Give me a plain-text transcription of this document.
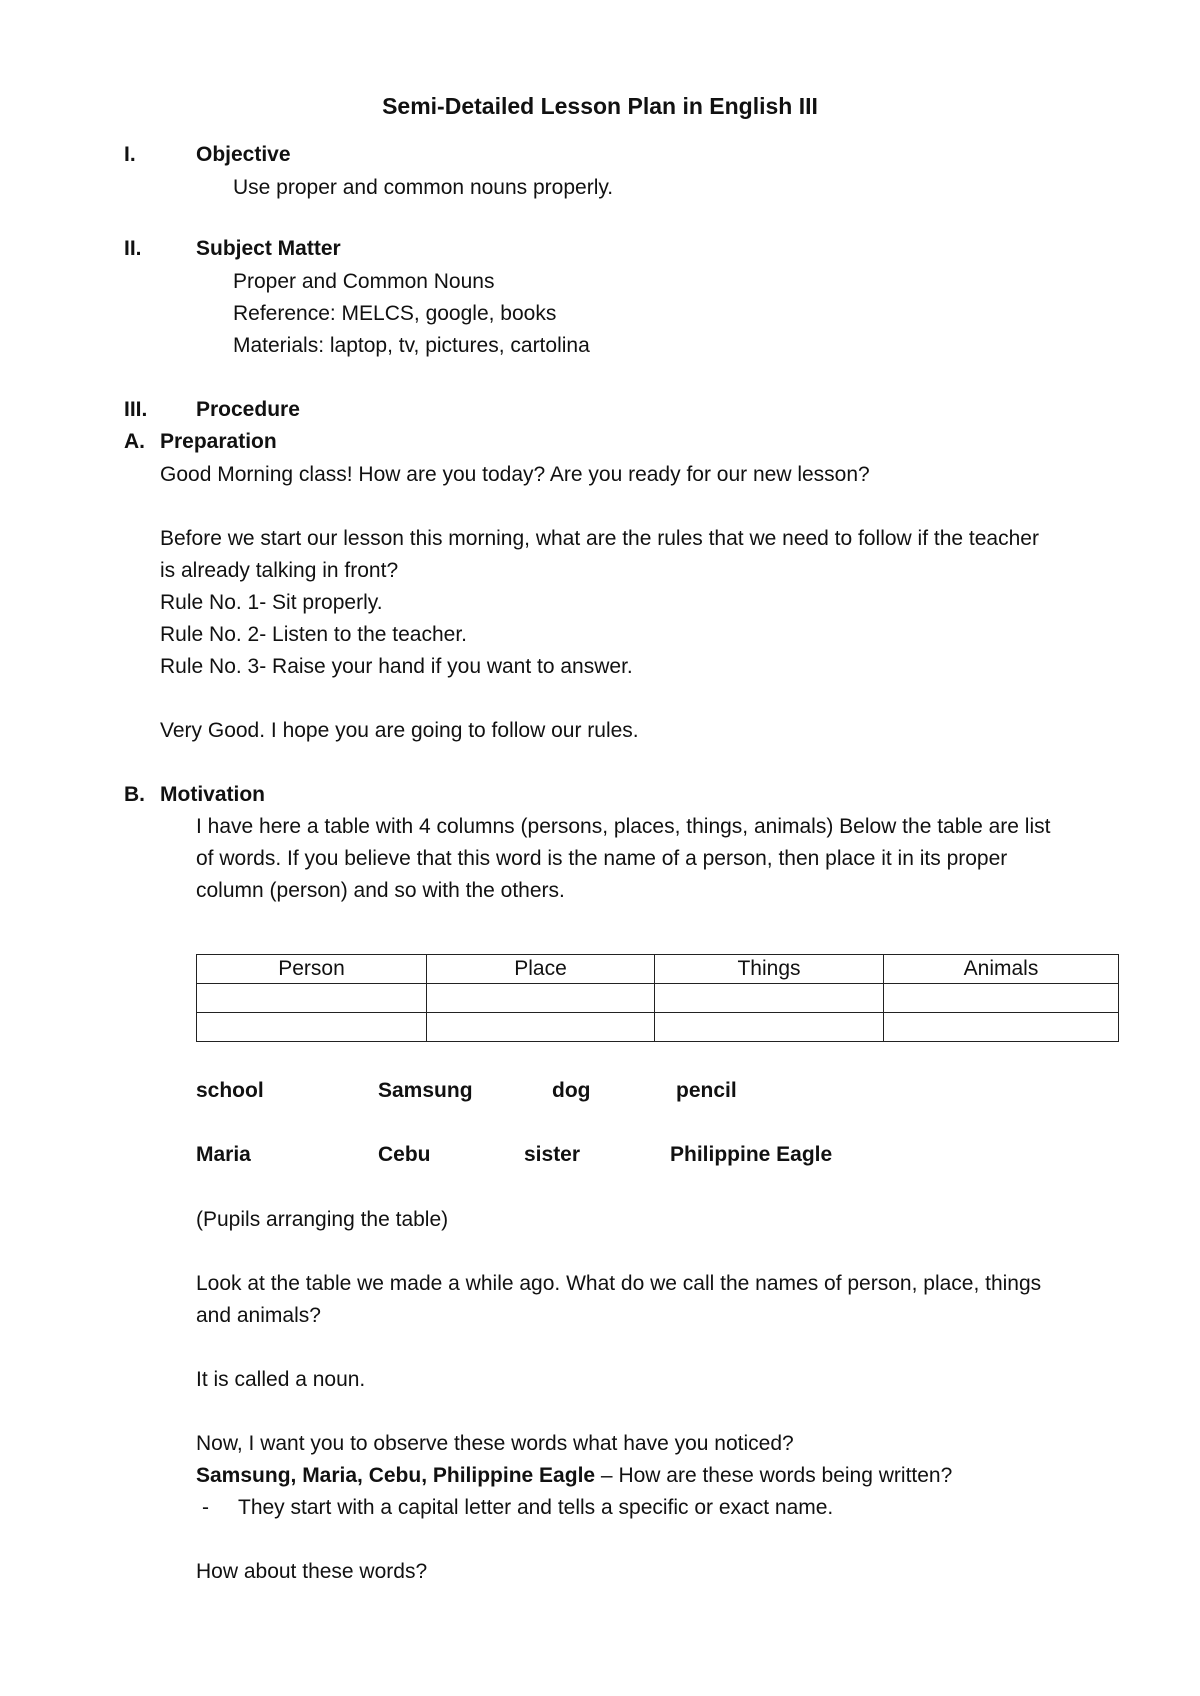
Semi-Detailed Lesson Plan in English III
I.	Objective
Use proper and common nouns properly.
II.	Subject Matter
Proper and Common Nouns
Reference: MELCS, google, books
Materials: laptop, tv, pictures, cartolina
III. Procedure
A. Preparation
Good Morning class! How are you today? Are you ready for our new lesson?
Before we start our lesson this morning, what are the rules that we need to follow if the teacher
is already talking in front?
Rule No. 1- Sit properly.
Rule No. 2- Listen to the teacher.
Rule No. 3- Raise your hand if you want to answer.
Very Good. I hope you are going to follow our rules.
B. Motivation
I have here a table with 4 columns (persons, places, things, animals) Below the table are list
of words. If you believe that this word is the name of a person, then place it in its proper
column (person) and so with the others.
Person	Place	Things	Animals

school	Samsung	dog	pencil
Maria	Cebu	sister	Philippine Eagle
(Pupils arranging the table)
Look at the table we made a while ago. What do we call the names of person, place, things
and animals?
It is called a noun.
Now, I want you to observe these words what have you noticed?
Samsung, Maria, Cebu, Philippine Eagle – How are these words being written?
- They start with a capital letter and tells a specific or exact name.
How about these words?
